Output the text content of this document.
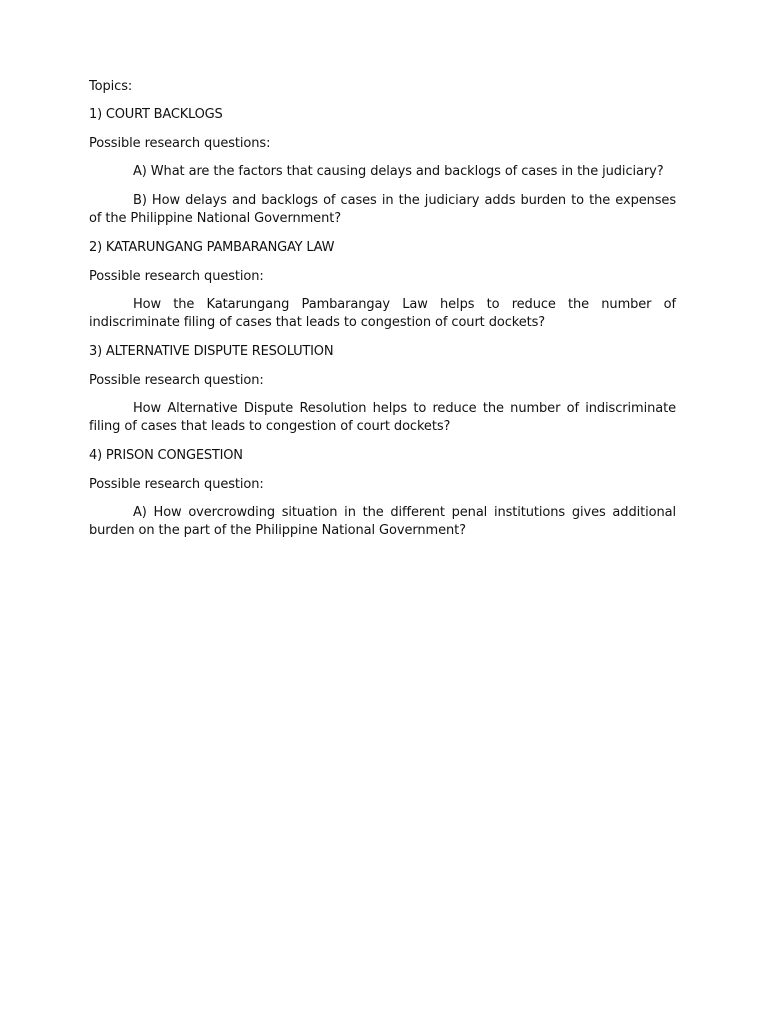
Topics:

1) COURT BACKLOGS

Possible research questions:

A) What are the factors that causing delays and backlogs of cases in the judiciary?

B) How delays and backlogs of cases in the judiciary adds burden to the expenses of the Philippine National Government?

2) KATARUNGANG PAMBARANGAY LAW

Possible research question:

How the Katarungang Pambarangay Law helps to reduce the number of indiscriminate filing of cases that leads to congestion of court dockets?

3) ALTERNATIVE DISPUTE RESOLUTION

Possible research question:

How Alternative Dispute Resolution helps to reduce the number of indiscriminate filing of cases that leads to congestion of court dockets?

4) PRISON CONGESTION

Possible research question:

A) How overcrowding situation in the different penal institutions gives additional burden on the part of the Philippine National Government?
